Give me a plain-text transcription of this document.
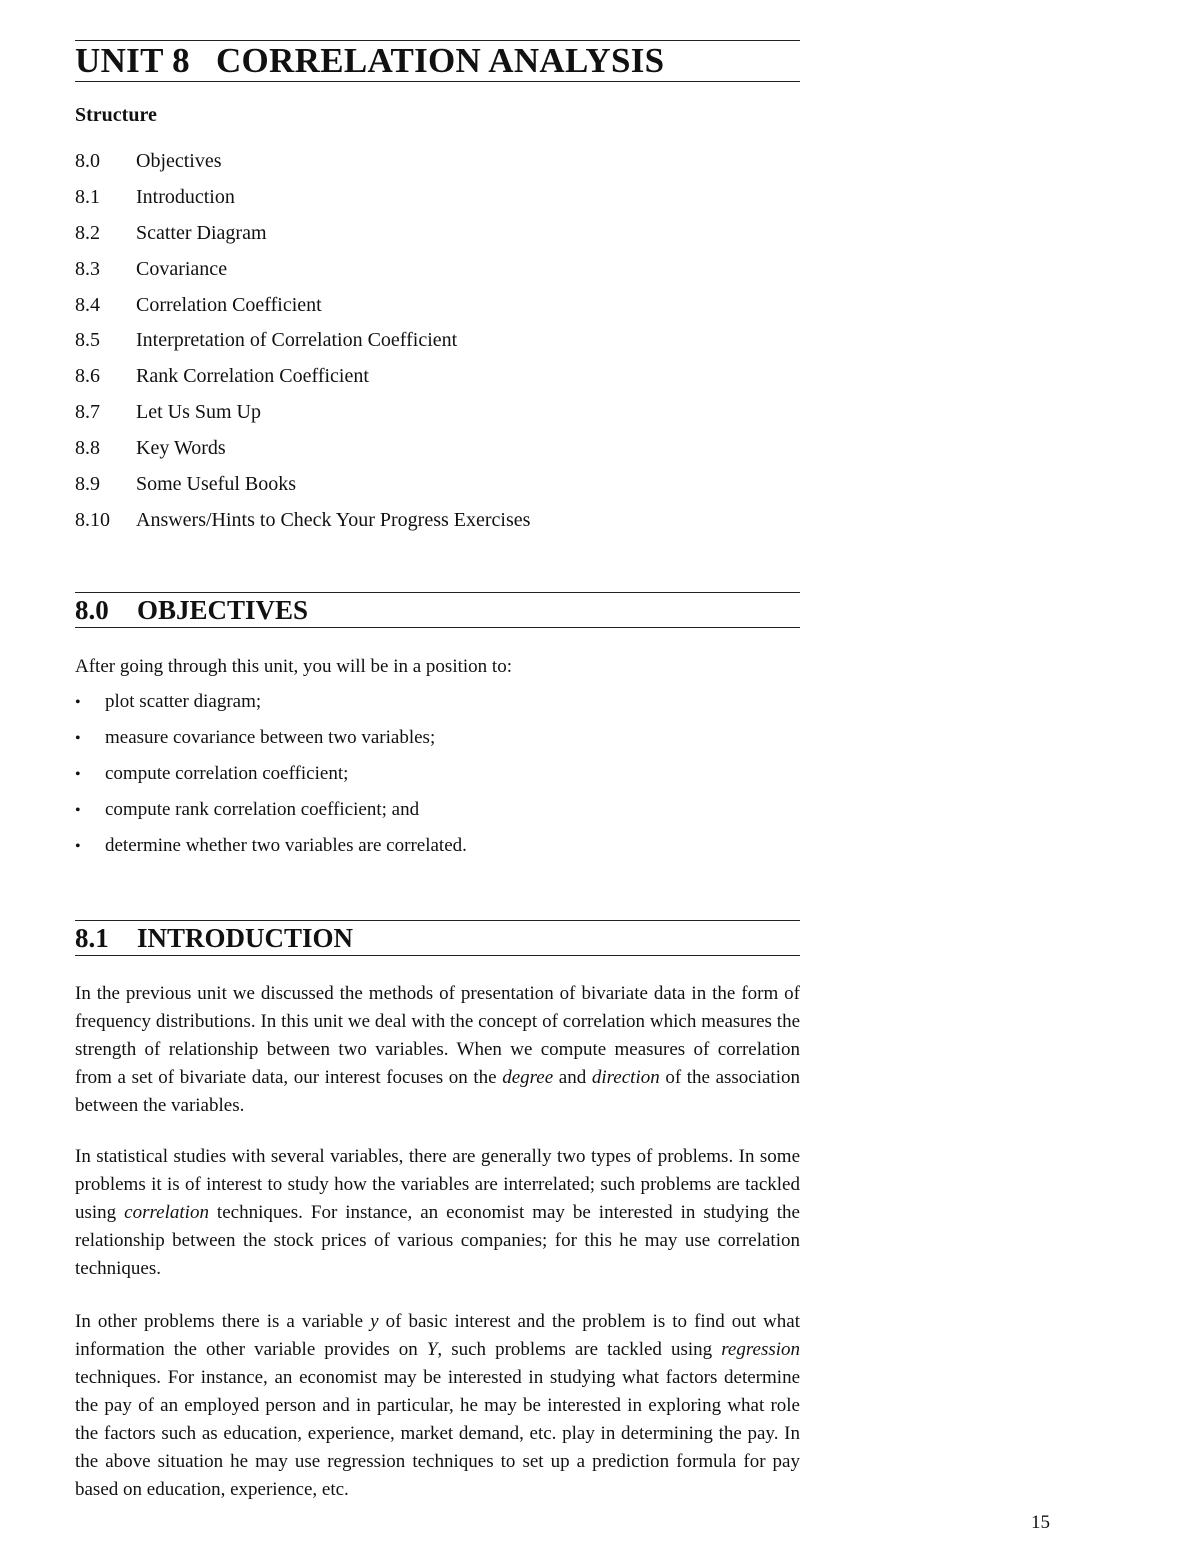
UNIT 8 CORRELATION ANALYSIS
Structure
8.0 Objectives
8.1 Introduction
8.2 Scatter Diagram
8.3 Covariance
8.4 Correlation Coefficient
8.5 Interpretation of Correlation Coefficient
8.6 Rank Correlation Coefficient
8.7 Let Us Sum Up
8.8 Key Words
8.9 Some Useful Books
8.10 Answers/Hints to Check Your Progress Exercises
8.0 OBJECTIVES

After going through this unit, you will be in a position to:

• plot scatter diagram;
• measure covariance between two variables;
• compute correlation coefficient;
• compute rank correlation coefficient; and
• determine whether two variables are correlated.
8.1 INTRODUCTION

In the previous unit we discussed the methods of presentation of bivariate data in the form of frequency distributions. In this unit we deal with the concept of correlation which measures the strength of relationship between two variables. When we compute measures of correlation from a set of bivariate data, our interest focuses on the degree and direction of the association between the variables.

In statistical studies with several variables, there are generally two types of problems. In some problems it is of interest to study how the variables are interrelated; such problems are tackled using correlation techniques. For instance, an economist may be interested in studying the relationship between the stock prices of various companies; for this he may use correlation techniques.

In other problems there is a variable y of basic interest and the problem is to find out what information the other variable provides on Y, such problems are tackled using regression techniques. For instance, an economist may be interested in studying what factors determine the pay of an employed person and in particular, he may be interested in exploring what role the factors such as education, experience, market demand, etc. play in determining the pay. In the above situation he may use regression techniques to set up a prediction formula for pay based on education, experience, etc.

15
